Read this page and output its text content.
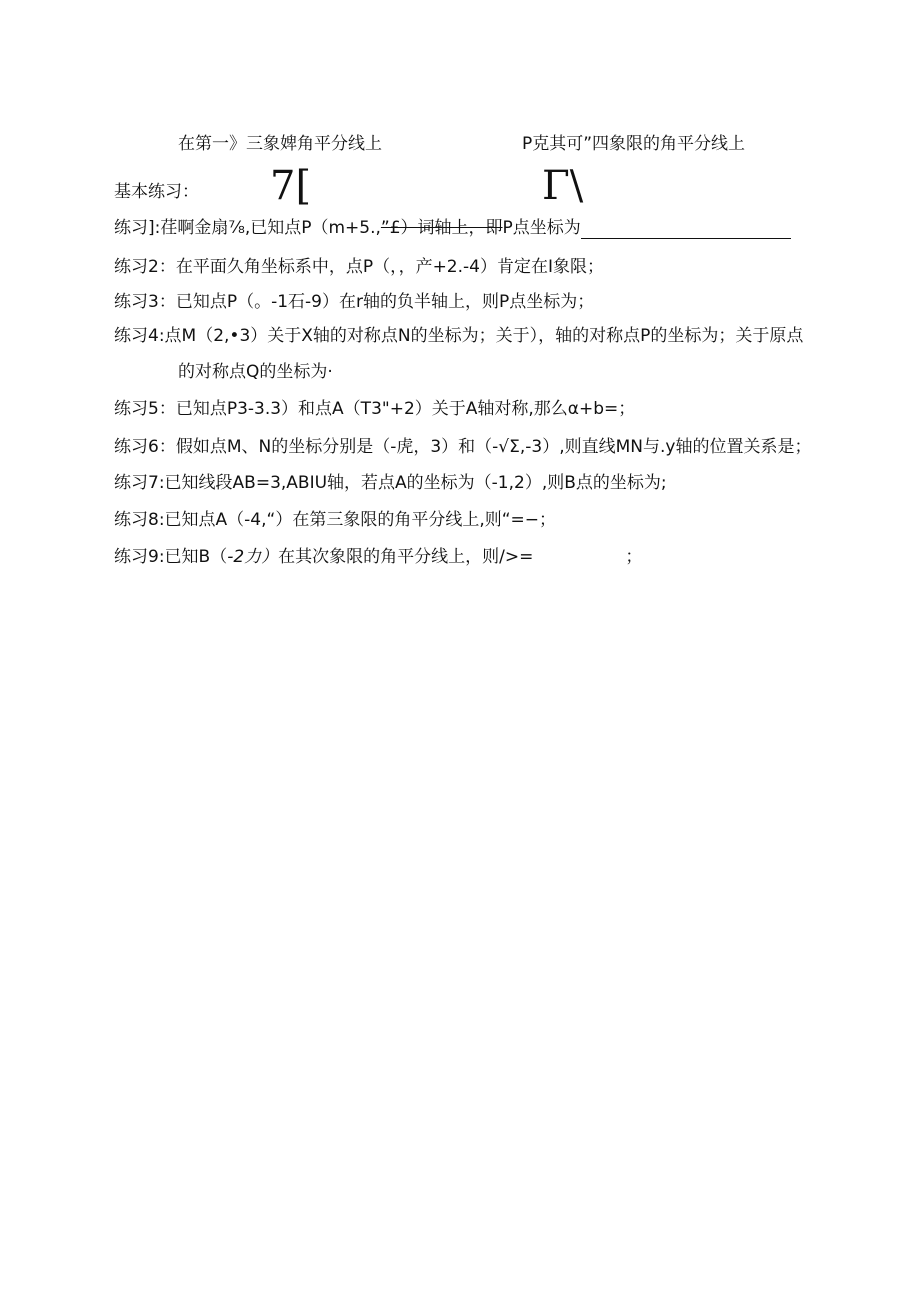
在第一》三象婢角平分线上	P克其可”四象限的角平分线上
基本练习： 7[	Γ\
练习]:荏啊金扇⅞,已知点P（m+5.,”£）词轴上，即P点坐标为
练习2：在平面久角坐标系中，点P（，，产+2.-4）肯定在I象限；
练习3：已知点P（。-1石-9）在r轴的负半轴上，则P点坐标为；
练习4:点M（2,•3）关于X轴的对称点N的坐标为；关于），轴的对称点P的坐标为；关于原点
的对称点Q的坐标为·
练习5：已知点P3-3.3）和点A（T3"+2）关于A轴对称,那么α+b=；
练习6：假如点M、N的坐标分别是（-虎，3）和（-√Σ,-3）,则直线MN与.y轴的位置关系是；
练习7:已知线段AB=3,ABIU轴，若点A的坐标为（-1,2）,则B点的坐标为;
练习8:已知点A（-4,“）在第三象限的角平分线上,则“=−；
练习9:已知B（-2力）在其次象限的角平分线上，则/>=	；
